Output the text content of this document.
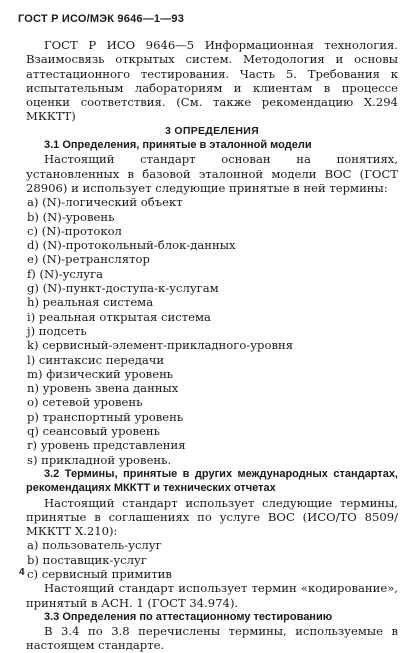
ГОСТ Р ИСО/МЭК 9646—1—93

ГОСТ Р ИСО 9646—5 Информационная технология. Взаимосвязь открытых систем. Методология и основы аттестационного тестирования. Часть 5. Требования к испытательным лабораториям и клиентам в процессе оценки соответствия. (См. также рекомендацию Х.294 МККТТ)

3 ОПРЕДЕЛЕНИЯ

3.1 Определения, принятые в эталонной модели

Настоящий стандарт основан на понятиях, установленных в базовой эталонной модели ВОС (ГОСТ 28906) и использует следующие принятые в ней термины:

a) (N)-логический объект

b) (N)-уровень

c) (N)-протокол

d) (N)-протокольный-блок-данных

e) (N)-ретранслятор

f) (N)-услуга

g) (N)-пункт-доступа-к-услугам

h) реальная система

i) реальная открытая система

j) подсеть

k) сервисный-элемент-прикладного-уровня

l) синтаксис передачи

m) физический уровень

n) уровень звена данных

o) сетевой уровень

p) транспортный уровень

q) сеансовый уровень

r) уровень представления

s) прикладной уровень.

3.2 Термины, принятые в других международных стандартах, рекомендациях МККТТ и технических отчетах

Настоящий стандарт использует следующие термины, принятые в соглашениях по услуге ВОС (ИСО/ТО 8509/МККТТ Х.210):

a) пользователь-услуг

b) поставщик-услуг

c) сервисный примитив

Настоящий стандарт использует термин «кодирование», принятый в АСН. 1 (ГОСТ 34.974).

3.3 Определения по аттестационному тестированию

В 3.4 по 3.8 перечислены термины, используемые в настоящем стандарте.

4
